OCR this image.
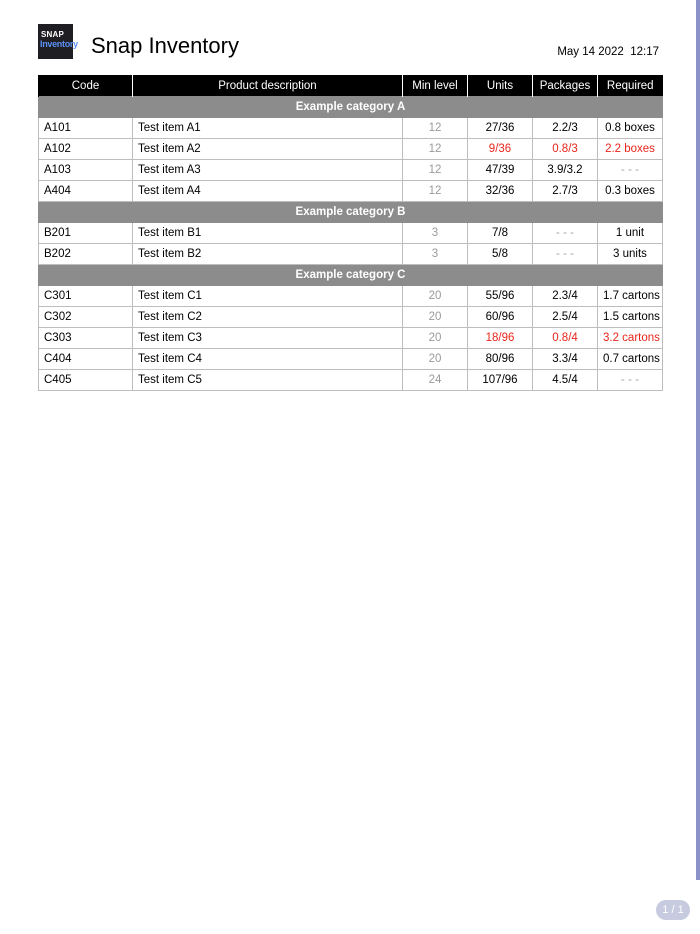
SNAP
Inventory Snap Inventory	May 14 2022  12:17
Code	Product description	Min level	Units	Packages	Required
Example category A					
A101	Test item A1	12	27/36	2.2/3	0.8 boxes
A102	Test item A2	12	9/36	0.8/3	2.2 boxes
A103	Test item A3	12	47/39	3.9/3.2	- - -
A404	Test item A4	12	32/36	2.7/3	0.3 boxes
Example category B					
B201	Test item B1	3	7/8	- - -	1 unit
B202	Test item B2	3	5/8	- - -	3 units
Example category C					
C301	Test item C1	20	55/96	2.3/4	1.7 cartons
C302	Test item C2	20	60/96	2.5/4	1.5 cartons
C303	Test item C3	20	18/96	0.8/4	3.2 cartons
C404	Test item C4	20	80/96	3.3/4	0.7 cartons
C405	Test item C5	24	107/96	4.5/4	- - -
1 / 1
